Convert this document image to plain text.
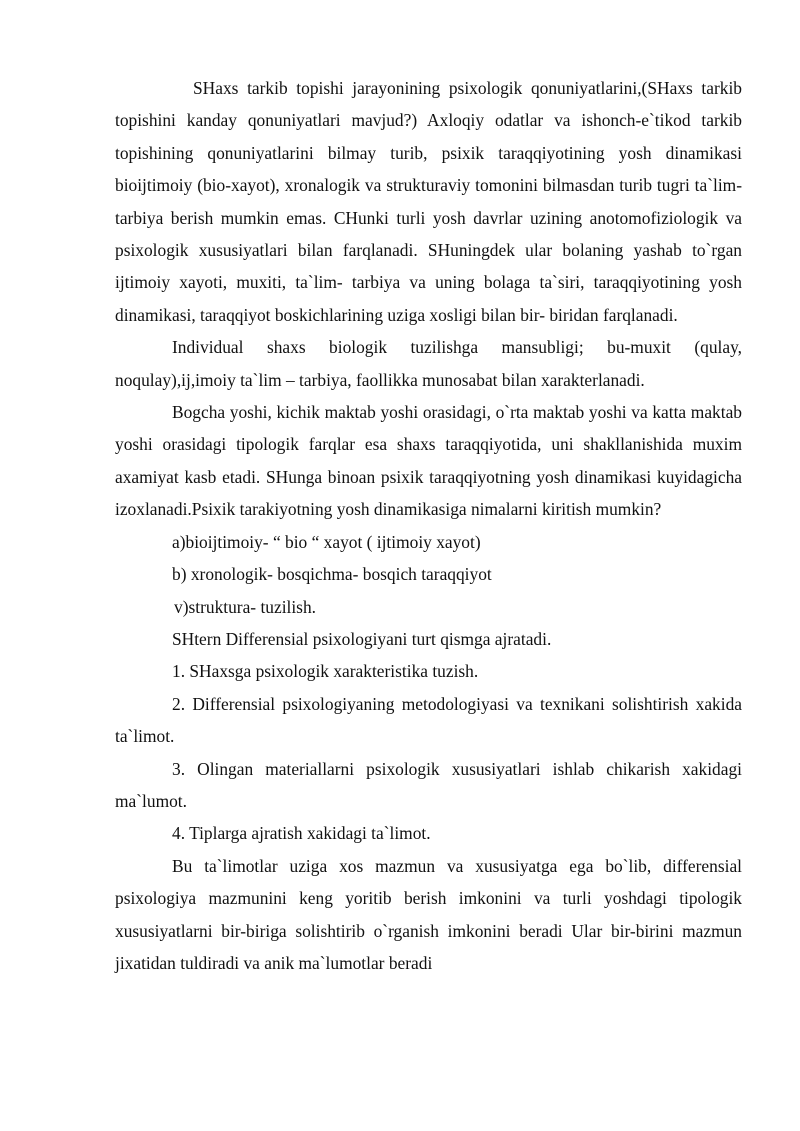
SHaxs tarkib topishi jarayonining psixologik qonuniyatlarini,(SHaxs tarkib topishini kanday qonuniyatlari mavjud?) Axloqiy odatlar va ishonch-e`tikod tarkib topishining qonuniyatlarini bilmay turib, psixik taraqqiyotining yosh dinamikasi bioijtimoiy (bio-xayot), xronalogik va strukturaviy tomonini bilmasdan turib tugri ta`lim-tarbiya berish mumkin emas. CHunki turli yosh davrlar uzining anotomofiziologik va psixologik xususiyatlari bilan farqlanadi. SHuningdek ular bolaning yashab to`rgan ijtimoiy xayoti, muxiti, ta`lim- tarbiya va uning bolaga ta`siri, taraqqiyotining yosh dinamikasi, taraqqiyot boskichlarining uziga xosligi bilan bir- biridan farqlanadi.

Individual shaxs biologik tuzilishga mansubligi; bu-muxit (qulay, noqulay),ij,imoiy ta`lim – tarbiya, faollikka munosabat bilan xarakterlanadi.

Bogcha yoshi, kichik maktab yoshi orasidagi, o`rta maktab yoshi va katta maktab yoshi orasidagi tipologik farqlar esa shaxs taraqqiyotida, uni shakllanishida muxim axamiyat kasb etadi. SHunga binoan psixik taraqqiyotning yosh dinamikasi kuyidagicha izoxlanadi.Psixik tarakiyotning yosh dinamikasiga nimalarni kiritish mumkin?

a)bioijtimoiy- “ bio “ xayot ( ijtimoiy xayot)

b) xronologik- bosqichma- bosqich taraqqiyot

v)struktura- tuzilish.

SHtern Differensial psixologiyani turt qismga ajratadi.

1. SHaxsga psixologik xarakteristika tuzish.

2. Differensial psixologiyaning metodologiyasi va texnikani solishtirish xakida ta`limot.

3. Olingan materiallarni psixologik xususiyatlari ishlab chikarish xakidagi ma`lumot.

4. Tiplarga ajratish xakidagi ta`limot.

Bu ta`limotlar uziga xos mazmun va xususiyatga ega bo`lib, differensial psixologiya mazmunini keng yoritib berish imkonini va turli yoshdagi tipologik xususiyatlarni bir-biriga solishtirib o`rganish imkonini beradi Ular bir-birini mazmun jixatidan tuldiradi va anik ma`lumotlar beradi
